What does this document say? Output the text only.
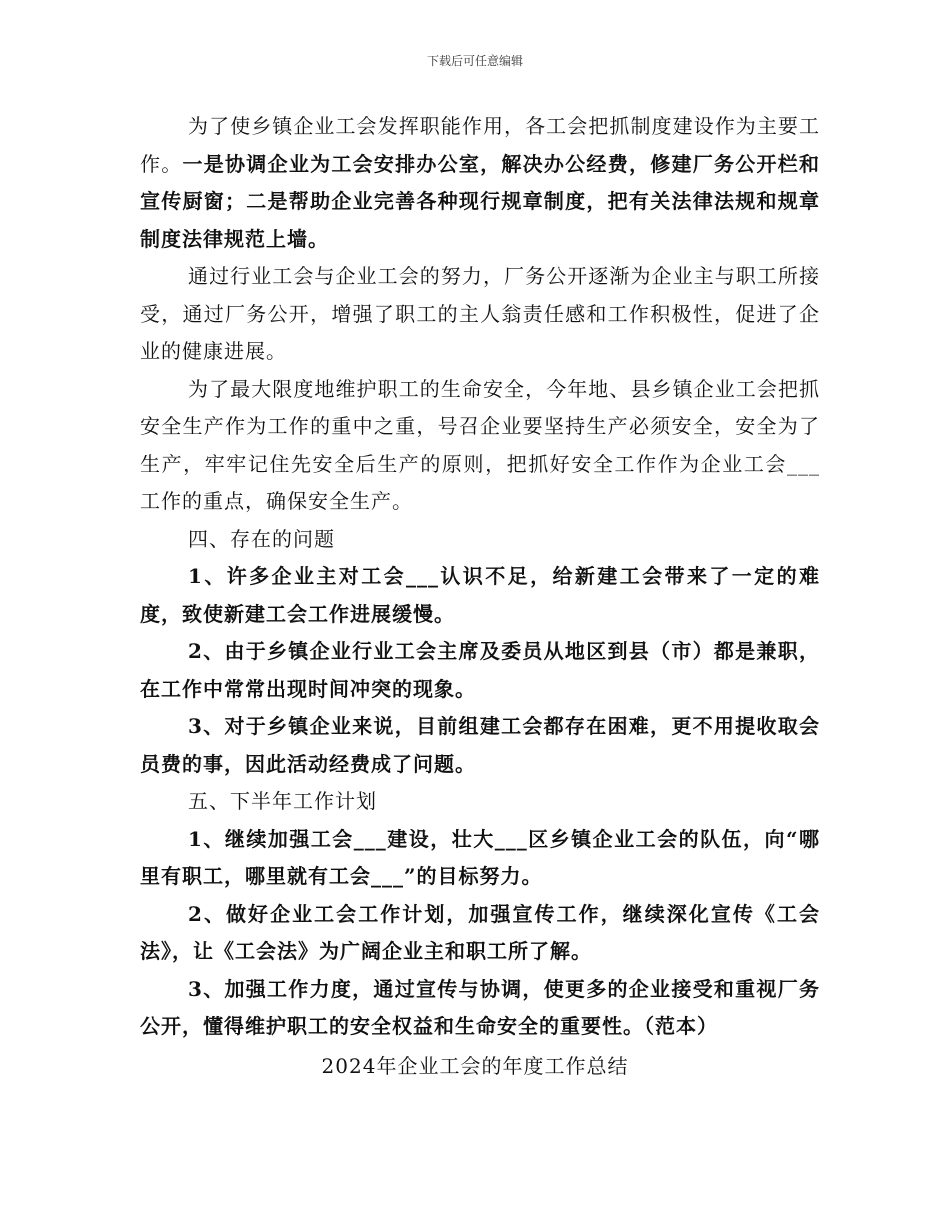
下载后可任意编辑

为了使乡镇企业工会发挥职能作用，各工会把抓制度建设作为主要工作。一是协调企业为工会安排办公室，解决办公经费，修建厂务公开栏和宣传厨窗；二是帮助企业完善各种现行规章制度，把有关法律法规和规章制度法律规范上墙。

通过行业工会与企业工会的努力，厂务公开逐渐为企业主与职工所接受，通过厂务公开，增强了职工的主人翁责任感和工作积极性，促进了企业的健康进展。

为了最大限度地维护职工的生命安全，今年地、县乡镇企业工会把抓安全生产作为工作的重中之重，号召企业要坚持生产必须安全，安全为了生产，牢牢记住先安全后生产的原则，把抓好安全工作作为企业工会___工作的重点，确保安全生产。

四、存在的问题

1、许多企业主对工会___认识不足，给新建工会带来了一定的难度，致使新建工会工作进展缓慢。

2、由于乡镇企业行业工会主席及委员从地区到县（市）都是兼职，在工作中常常出现时间冲突的现象。

3、对于乡镇企业来说，目前组建工会都存在困难，更不用提收取会员费的事，因此活动经费成了问题。

五、下半年工作计划

1、继续加强工会___建设，壮大___区乡镇企业工会的队伍，向“哪里有职工，哪里就有工会___”的目标努力。

2、做好企业工会工作计划，加强宣传工作，继续深化宣传《工会法》，让《工会法》为广阔企业主和职工所了解。

3、加强工作力度，通过宣传与协调，使更多的企业接受和重视厂务公开，懂得维护职工的安全权益和生命安全的重要性。（范本）

2024年企业工会的年度工作总结
